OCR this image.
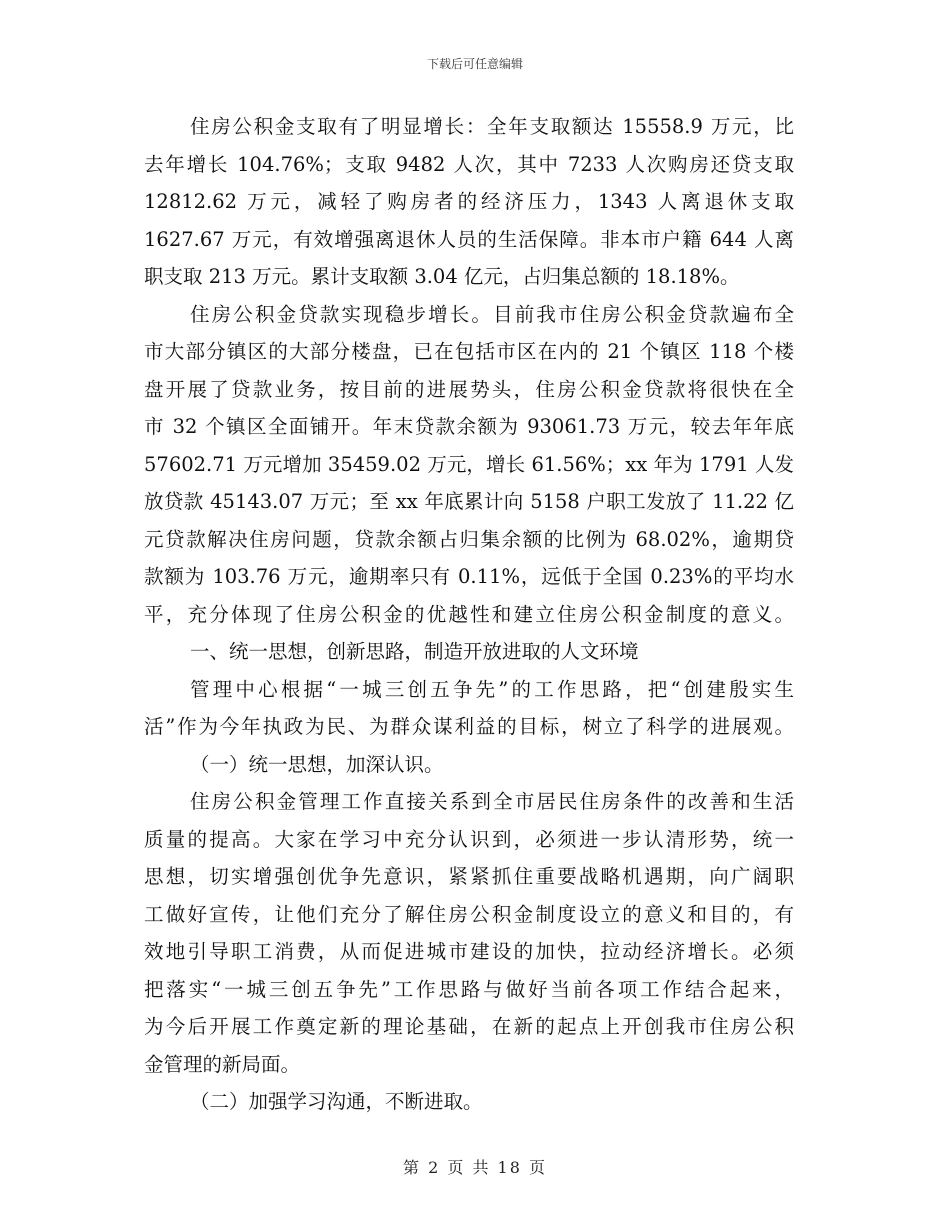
下载后可任意编辑
住房公积金支取有了明显增长：全年支取额达 15558.9 万元，比
去年增长 104.76%；支取 9482 人次，其中 7233 人次购房还贷支取
12812.62 万元，减轻了购房者的经济压力，1343 人离退休支取
1627.67 万元，有效增强离退休人员的生活保障。非本市户籍 644 人离
职支取 213 万元。累计支取额 3.04 亿元，占归集总额的 18.18%。
住房公积金贷款实现稳步增长。目前我市住房公积金贷款遍布全
市大部分镇区的大部分楼盘，已在包括市区在内的 21 个镇区 118 个楼
盘开展了贷款业务，按目前的进展势头，住房公积金贷款将很快在全
市 32 个镇区全面铺开。年末贷款余额为 93061.73 万元，较去年年底
57602.71 万元增加 35459.02 万元，增长 61.56%；xx 年为 1791 人发
放贷款 45143.07 万元；至 xx 年底累计向 5158 户职工发放了 11.22 亿
元贷款解决住房问题，贷款余额占归集余额的比例为 68.02%，逾期贷
款额为 103.76 万元，逾期率只有 0.11%，远低于全国 0.23%的平均水
平，充分体现了住房公积金的优越性和建立住房公积金制度的意义。
一、统一思想，创新思路，制造开放进取的人文环境
管理中心根据“一城三创五争先”的工作思路，把“创建殷实生
活”作为今年执政为民、为群众谋利益的目标，树立了科学的进展观。
（一）统一思想，加深认识。
住房公积金管理工作直接关系到全市居民住房条件的改善和生活
质量的提高。大家在学习中充分认识到，必须进一步认清形势，统一
思想，切实增强创优争先意识，紧紧抓住重要战略机遇期，向广阔职
工做好宣传，让他们充分了解住房公积金制度设立的意义和目的，有
效地引导职工消费，从而促进城市建设的加快，拉动经济增长。必须
把落实“一城三创五争先”工作思路与做好当前各项工作结合起来，
为今后开展工作奠定新的理论基础，在新的起点上开创我市住房公积
金管理的新局面。
（二）加强学习沟通，不断进取。
第 2 页 共 18 页
